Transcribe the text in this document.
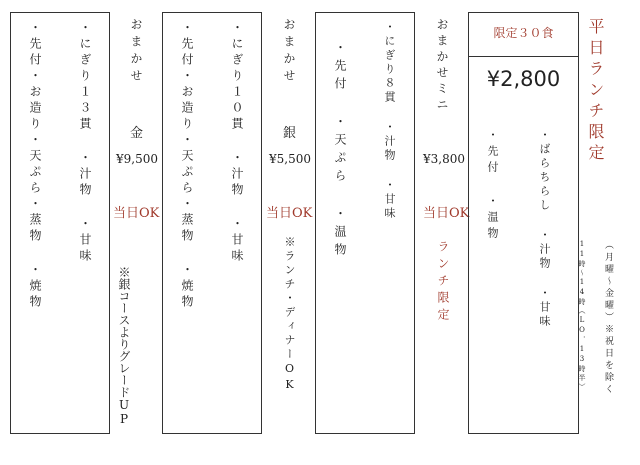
・にぎり１３貫 ・汁物 ・甘味
・先付・お造り・天ぷら・蒸物 ・焼物	おまかせ
金
¥9,500
当日OK
※銀コースよりグレードUP
・にぎり１０貫 ・汁物 ・甘味
・先付・お造り・天ぷら・蒸物 ・焼物	おまかせ
銀
¥5,500
当日OK
※ランチ・ディナーOK
・にぎり８貫 ・汁物 ・甘味
・先付 ・天ぷら ・温物	おまかせミニ
¥3,800
当日OK
ランチ限定
限定３０食
¥2,800
・ばらちらし ・汁物 ・甘味
・先付 ・温物
平日ランチ限定
（月曜〜金曜）※祝日を除く
11時〜14時（LO．13時半）
